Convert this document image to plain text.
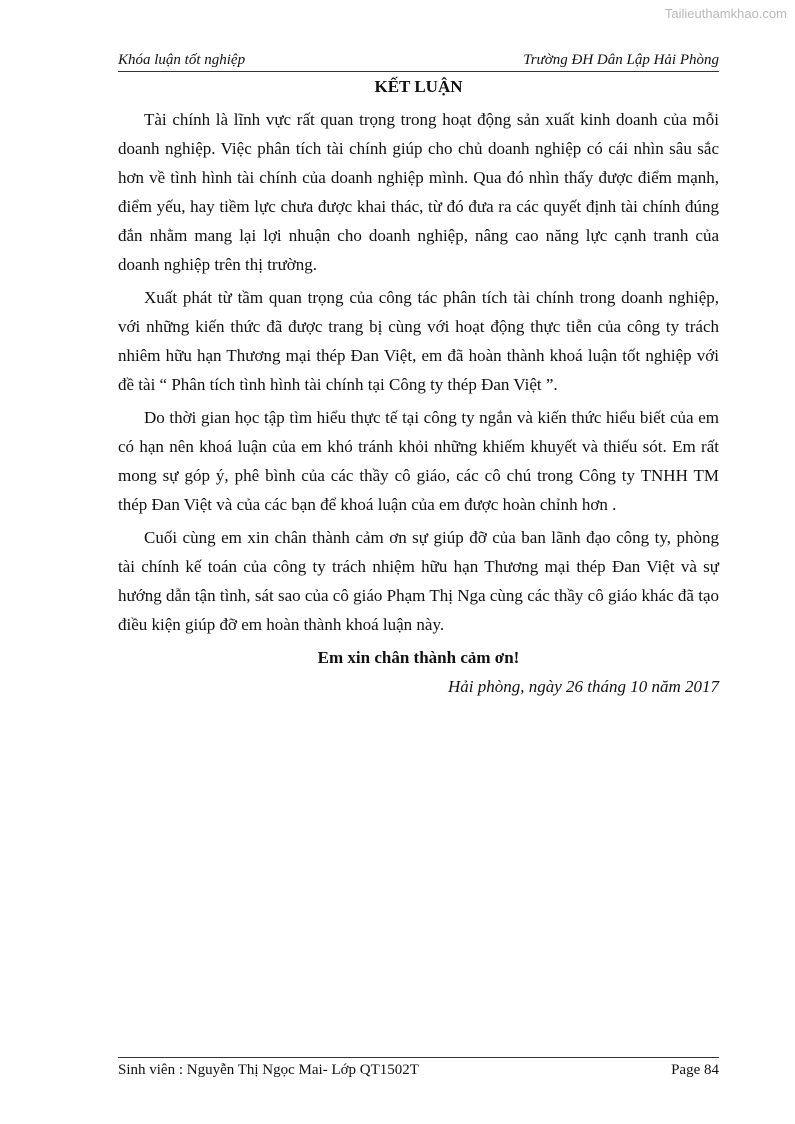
Tailieuthamkhao.com
Khóa luận tốt nghiệp	Trường ĐH Dân Lập Hải Phòng
KẾT LUẬN

Tài chính là lĩnh vực rất quan trọng trong hoạt động sản xuất kinh doanh của mỗi doanh nghiệp. Việc phân tích tài chính giúp cho chủ doanh nghiệp có cái nhìn sâu sắc hơn về tình hình tài chính của doanh nghiệp mình. Qua đó nhìn thấy được điểm mạnh, điểm yếu, hay tiềm lực chưa được khai thác, từ đó đưa ra các quyết định tài chính đúng đắn nhằm mang lại lợi nhuận cho doanh nghiệp, nâng cao năng lực cạnh tranh của doanh nghiệp trên thị trường.

Xuất phát từ tầm quan trọng của công tác phân tích tài chính trong doanh nghiệp, với những kiến thức đã được trang bị cùng với hoạt động thực tiễn của công ty trách nhiêm hữu hạn Thương mại thép Đan Việt, em đã hoàn thành khoá luận tốt nghiệp với đề tài “ Phân tích tình hình tài chính tại Công ty thép Đan Việt ”.

Do thời gian học tập tìm hiểu thực tế tại công ty ngắn và kiến thức hiểu biết của em có hạn nên khoá luận của em khó tránh khỏi những khiếm khuyết và thiếu sót. Em rất mong sự góp ý, phê bình của các thầy cô giáo, các cô chú trong Công ty TNHH TM thép Đan Việt và của các bạn để khoá luận của em được hoàn chỉnh hơn .

Cuối cùng em xin chân thành cảm ơn sự giúp đỡ của ban lãnh đạo công ty, phòng tài chính kế toán của công ty trách nhiệm hữu hạn Thương mại thép Đan Việt và sự hướng dẫn tận tình, sát sao của cô giáo Phạm Thị Nga cùng các thầy cô giáo khác đã tạo điều kiện giúp đỡ em hoàn thành khoá luận này.

Em xin chân thành cảm ơn!

Hải phòng, ngày 26 tháng 10 năm 2017

Sinh viên : Nguyễn Thị Ngọc Mai- Lớp QT1502T	Page 84
